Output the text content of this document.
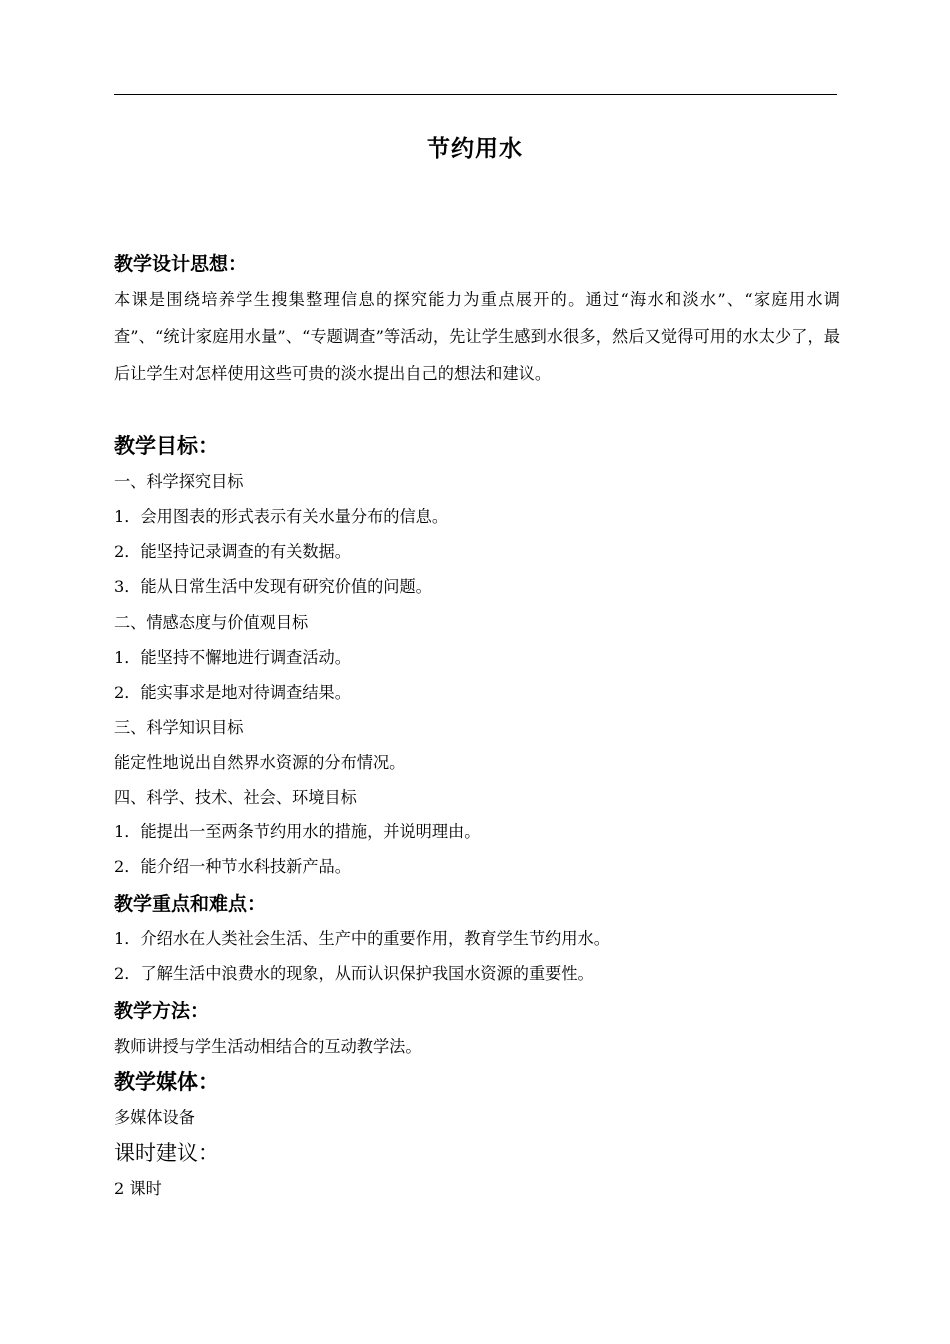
节约用水
教学设计思想：
本课是围绕培养学生搜集整理信息的探究能力为重点展开的。通过“海水和淡水”、“家庭用水调查”、“统计家庭用水量”、“专题调查”等活动，先让学生感到水很多，然后又觉得可用的水太少了，最后让学生对怎样使用这些可贵的淡水提出自己的想法和建议。
教学目标：
一、科学探究目标
1．会用图表的形式表示有关水量分布的信息。
2．能坚持记录调查的有关数据。
3．能从日常生活中发现有研究价值的问题。
二、情感态度与价值观目标
1．能坚持不懈地进行调查活动。
2．能实事求是地对待调查结果。
三、科学知识目标
能定性地说出自然界水资源的分布情况。
四、科学、技术、社会、环境目标
1．能提出一至两条节约用水的措施，并说明理由。
2．能介绍一种节水科技新产品。
教学重点和难点：
1．介绍水在人类社会生活、生产中的重要作用，教育学生节约用水。
2．了解生活中浪费水的现象，从而认识保护我国水资源的重要性。
教学方法：
教师讲授与学生活动相结合的互动教学法。
教学媒体：
多媒体设备
课时建议：
2 课时
